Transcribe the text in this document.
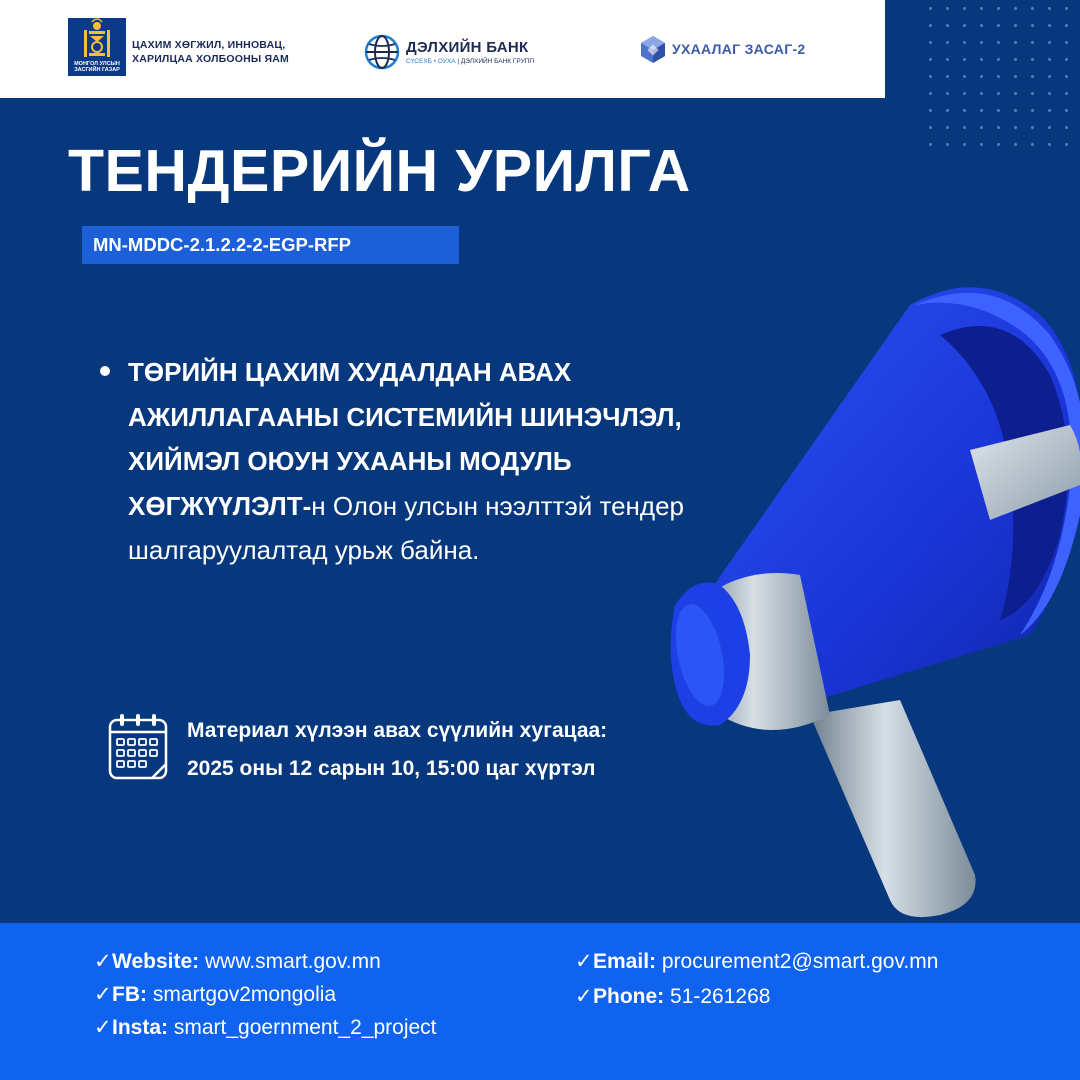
МОНГОЛ УЛСЫН ЗАСГИЙН ГАЗАР
ЦАХИМ ХӨГЖИЛ, ИННОВАЦ,
ХАРИЛЦАА ХОЛБООНЫ ЯАМ
ДЭЛХИЙН БАНК
СҮСЕХБ • ОУХА | ДЭЛХИЙН БАНК ГРУПП
УХААЛАГ ЗАСАГ-2
ТЕНДЕРИЙН УРИЛГА
MN-MDDC-2.1.2.2-2-EGP-RFP

ТӨРИЙН ЦАХИМ ХУДАЛДАН АВАХ АЖИЛЛАГААНЫ СИСТЕМИЙН ШИНЭЧЛЭЛ, ХИЙМЭЛ ОЮУН УХААНЫ МОДУЛЬ ХӨГЖҮҮЛЭЛТ-н Олон улсын нээлттэй тендер шалгаруулалтад урьж байна.

Материал хүлээн авах сүүлийн хугацаа:
2025 оны 12 сарын 10, 15:00 цаг хүртэл
✓Website: www.smart.gov.mn
✓FB: smartgov2mongolia
✓Insta: smart_goernment_2_project
✓Email: procurement2@smart.gov.mn
✓Phone: 51-261268
